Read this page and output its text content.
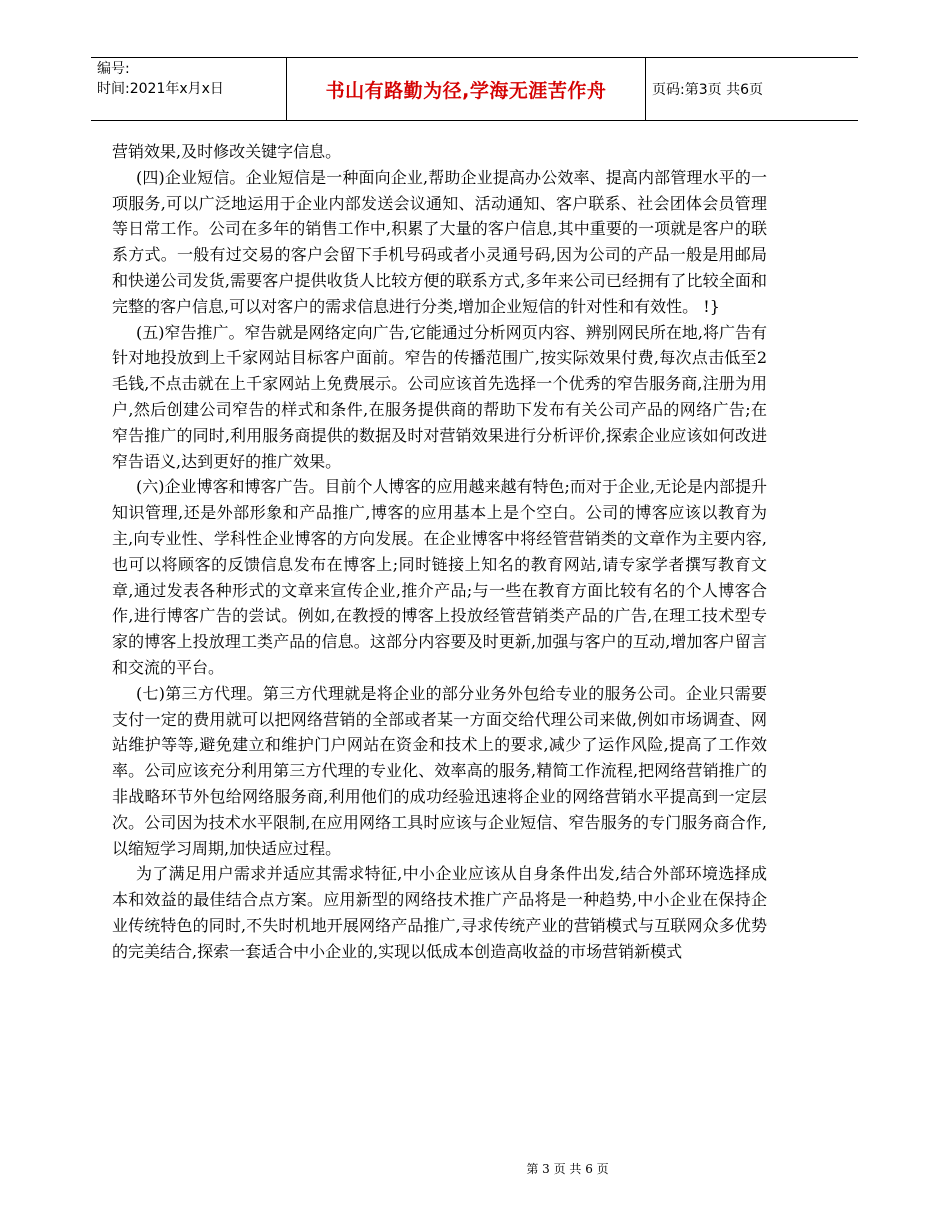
编号:
时间:2021年x月x日	书山有路勤为径,学海无涯苦作舟	页码:第3页 共6页

营销效果,及时修改关键字信息。

(四)企业短信。企业短信是一种面向企业,帮助企业提高办公效率、提高内部管理水平的一项服务,可以广泛地运用于企业内部发送会议通知、活动通知、客户联系、社会团体会员管理等日常工作。公司在多年的销售工作中,积累了大量的客户信息,其中重要的一项就是客户的联系方式。一般有过交易的客户会留下手机号码或者小灵通号码,因为公司的产品一般是用邮局和快递公司发货,需要客户提供收货人比较方便的联系方式,多年来公司已经拥有了比较全面和完整的客户信息,可以对客户的需求信息进行分类,增加企业短信的针对性和有效性。 !}

(五)窄告推广。窄告就是网络定向广告,它能通过分析网页内容、辨别网民所在地,将广告有针对地投放到上千家网站目标客户面前。窄告的传播范围广,按实际效果付费,每次点击低至2毛钱,不点击就在上千家网站上免费展示。公司应该首先选择一个优秀的窄告服务商,注册为用户,然后创建公司窄告的样式和条件,在服务提供商的帮助下发布有关公司产品的网络广告;在窄告推广的同时,利用服务商提供的数据及时对营销效果进行分析评价,探索企业应该如何改进窄告语义,达到更好的推广效果。

(六)企业博客和博客广告。目前个人博客的应用越来越有特色;而对于企业,无论是内部提升知识管理,还是外部形象和产品推广,博客的应用基本上是个空白。公司的博客应该以教育为主,向专业性、学科性企业博客的方向发展。在企业博客中将经管营销类的文章作为主要内容,也可以将顾客的反馈信息发布在博客上;同时链接上知名的教育网站,请专家学者撰写教育文章,通过发表各种形式的文章来宣传企业,推介产品;与一些在教育方面比较有名的个人博客合作,进行博客广告的尝试。例如,在教授的博客上投放经管营销类产品的广告,在理工技术型专家的博客上投放理工类产品的信息。这部分内容要及时更新,加强与客户的互动,增加客户留言和交流的平台。

(七)第三方代理。第三方代理就是将企业的部分业务外包给专业的服务公司。企业只需要支付一定的费用就可以把网络营销的全部或者某一方面交给代理公司来做,例如市场调查、网站维护等等,避免建立和维护门户网站在资金和技术上的要求,减少了运作风险,提高了工作效率。公司应该充分利用第三方代理的专业化、效率高的服务,精简工作流程,把网络营销推广的非战略环节外包给网络服务商,利用他们的成功经验迅速将企业的网络营销水平提高到一定层次。公司因为技术水平限制,在应用网络工具时应该与企业短信、窄告服务的专门服务商合作,以缩短学习周期,加快适应过程。

为了满足用户需求并适应其需求特征,中小企业应该从自身条件出发,结合外部环境选择成本和效益的最佳结合点方案。应用新型的网络技术推广产品将是一种趋势,中小企业在保持企业传统特色的同时,不失时机地开展网络产品推广,寻求传统产业的营销模式与互联网众多优势的完美结合,探索一套适合中小企业的,实现以低成本创造高收益的市场营销新模式

第 3 页 共 6 页
